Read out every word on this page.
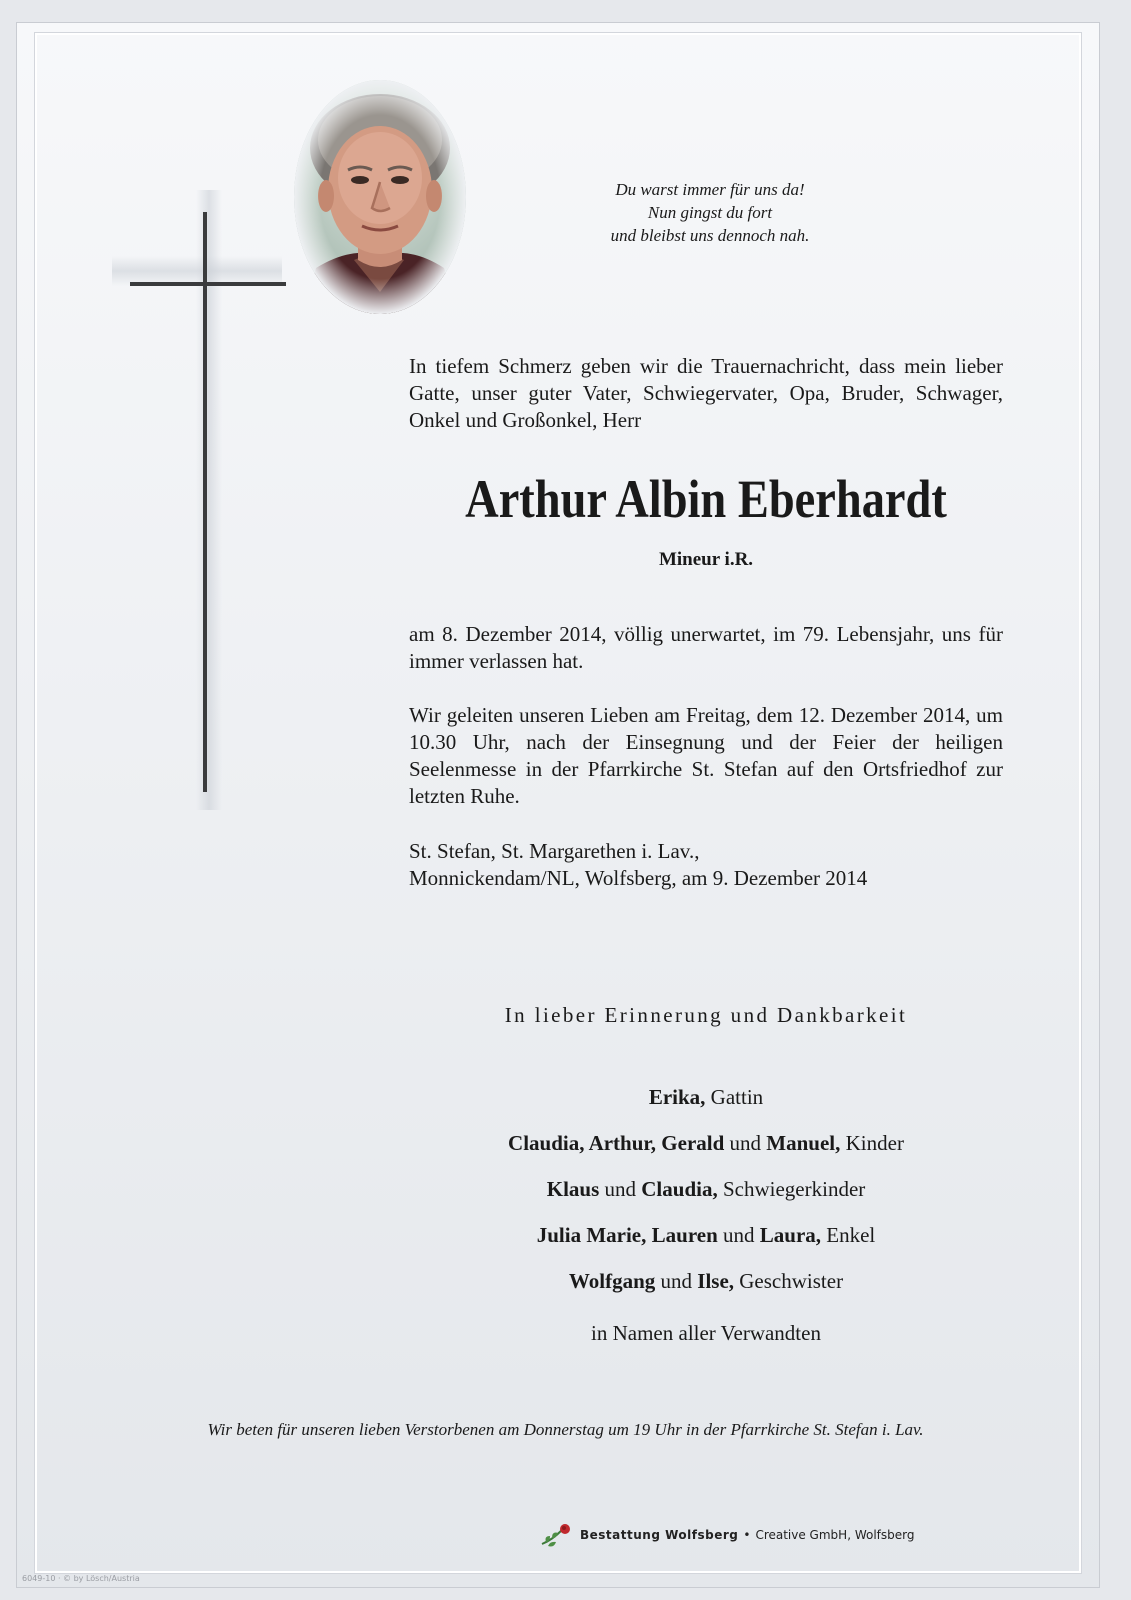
Du warst immer für uns da!
Nun gingst du fort
und bleibst uns dennoch nah.
In tiefem Schmerz geben wir die Trauernachricht, dass mein lieber Gatte, unser guter Vater, Schwiegervater, Opa, Bruder, Schwager, Onkel und Großonkel, Herr
Arthur Albin Eberhardt
Mineur i.R.
am 8. Dezember 2014, völlig unerwartet, im 79. Lebensjahr, uns für immer verlassen hat.
Wir geleiten unseren Lieben am Freitag, dem 12. Dezember 2014, um 10.30 Uhr, nach der Einsegnung und der Feier der heiligen Seelenmesse in der Pfarrkirche St. Stefan auf den Ortsfriedhof zur letzten Ruhe.
St. Stefan, St. Margarethen i. Lav.,
Monnickendam/NL, Wolfsberg, am 9. Dezember 2014
In lieber Erinnerung und Dankbarkeit
Erika, Gattin
Claudia, Arthur, Gerald und Manuel, Kinder
Klaus und Claudia, Schwiegerkinder
Julia Marie, Lauren und Laura, Enkel
Wolfgang und Ilse, Geschwister
in Namen aller Verwandten
Wir beten für unseren lieben Verstorbenen am Donnerstag um 19 Uhr in der Pfarrkirche St. Stefan i. Lav.
Bestattung Wolfsberg • Creative GmbH, Wolfsberg
6049-10 · © by Lösch/Austria
